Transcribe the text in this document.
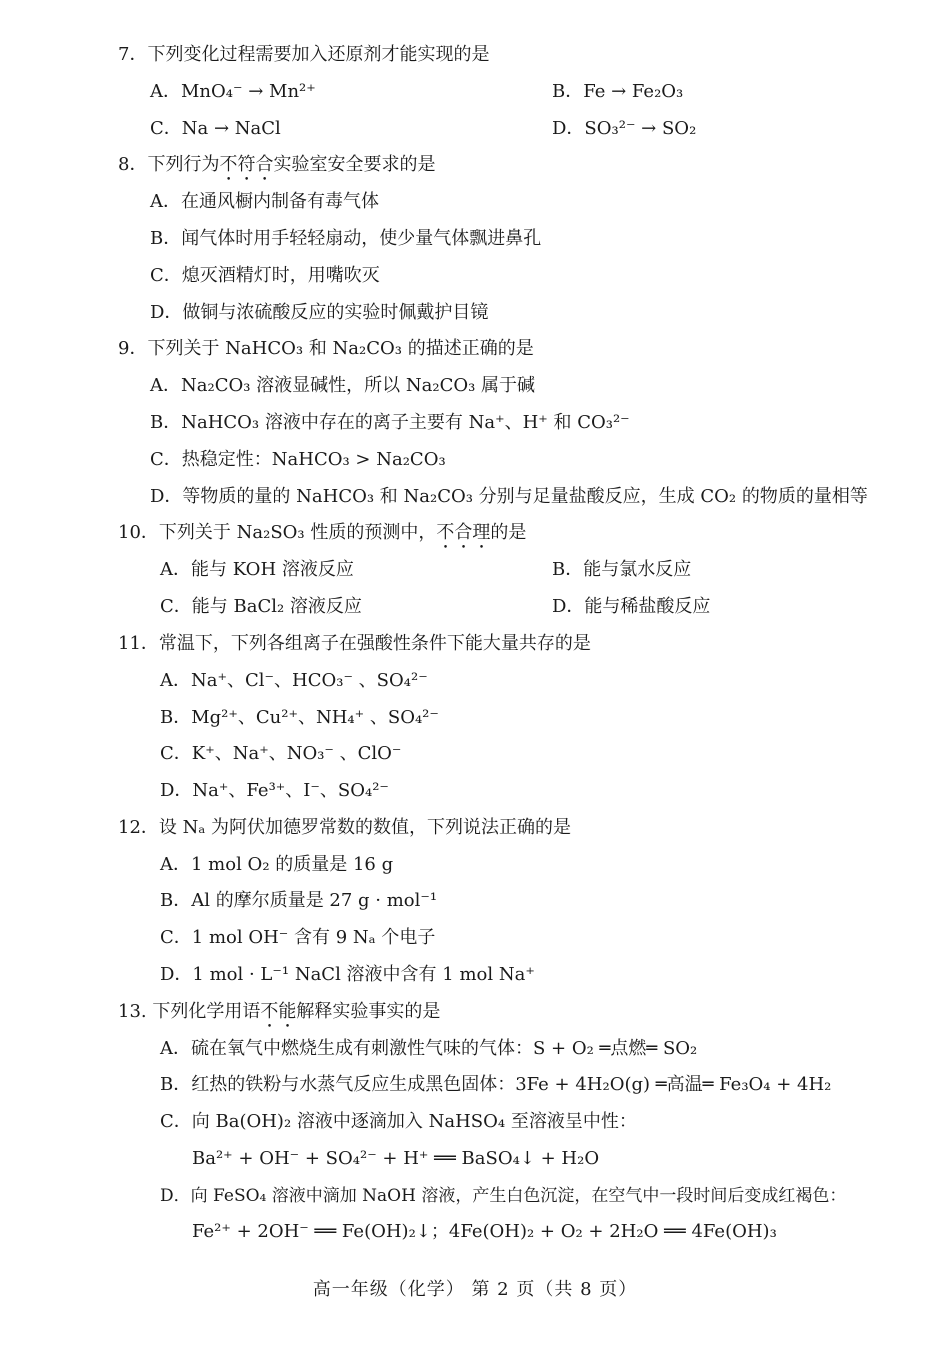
7．下列变化过程需要加入还原剂才能实现的是
A．MnO₄⁻ → Mn²⁺	B．Fe → Fe₂O₃
C．Na → NaCl	D．SO₃²⁻ → SO₂
8．下列行为不符合实验室安全要求的是
A．在通风橱内制备有毒气体
B．闻气体时用手轻轻扇动，使少量气体飘进鼻孔
C．熄灭酒精灯时，用嘴吹灭
D．做铜与浓硫酸反应的实验时佩戴护目镜
9．下列关于 NaHCO₃ 和 Na₂CO₃ 的描述正确的是
A．Na₂CO₃ 溶液显碱性，所以 Na₂CO₃ 属于碱
B．NaHCO₃ 溶液中存在的离子主要有 Na⁺、H⁺ 和 CO₃²⁻
C．热稳定性：NaHCO₃ > Na₂CO₃
D．等物质的量的 NaHCO₃ 和 Na₂CO₃ 分别与足量盐酸反应，生成 CO₂ 的物质的量相等
10．下列关于 Na₂SO₃ 性质的预测中，不合理的是
A．能与 KOH 溶液反应	B．能与氯水反应
C．能与 BaCl₂ 溶液反应	D．能与稀盐酸反应
11．常温下，下列各组离子在强酸性条件下能大量共存的是
A．Na⁺、Cl⁻、HCO₃⁻ 、SO₄²⁻
B．Mg²⁺、Cu²⁺、NH₄⁺ 、SO₄²⁻
C．K⁺、Na⁺、NO₃⁻ 、ClO⁻
D．Na⁺、Fe³⁺、I⁻、SO₄²⁻
12．设 Nₐ 为阿伏加德罗常数的数值，下列说法正确的是
A．1 mol O₂ 的质量是 16 g
B．Al 的摩尔质量是 27 g · mol⁻¹
C．1 mol OH⁻ 含有 9 Nₐ 个电子
D．1 mol · L⁻¹ NaCl 溶液中含有 1 mol Na⁺
13. 下列化学用语不能解释实验事实的是
A．硫在氧气中燃烧生成有刺激性气味的气体：S + O₂ ═点燃═ SO₂
B．红热的铁粉与水蒸气反应生成黑色固体：3Fe + 4H₂O(g) ═高温═ Fe₃O₄ + 4H₂
C．向 Ba(OH)₂ 溶液中逐滴加入 NaHSO₄ 至溶液呈中性：
Ba²⁺ + OH⁻ + SO₄²⁻ + H⁺ ══ BaSO₄↓ + H₂O
D．向 FeSO₄ 溶液中滴加 NaOH 溶液，产生白色沉淀，在空气中一段时间后变成红褐色：
Fe²⁺ + 2OH⁻ ══ Fe(OH)₂↓；4Fe(OH)₂ + O₂ + 2H₂O ══ 4Fe(OH)₃
高一年级（化学） 第 2 页（共 8 页）
